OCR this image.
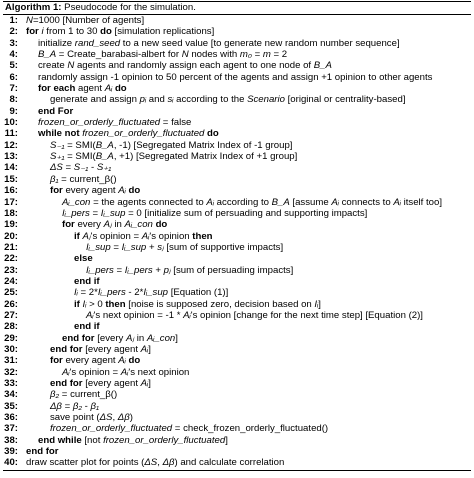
Algorithm 1: Pseudocode for the simulation.
1: N=1000 [Number of agents]
2: for i from 1 to 30 do [simulation replications]
3: initialize rand_seed to a new seed value [to generate new random number sequence]
4: B_A = Create_barabasi-albert for N nodes with m₀ = m = 2
5: create N agents and randomly assign each agent to one node of B_A
6: randomly assign -1 opinion to 50 percent of the agents and assign +1 opinion to other agents
7: for each agent Aᵢ do
8:	generate and assign pᵢ and sᵢ according to the Scenario [original or centrality-based]
9: end For
10: frozen_or_orderly_fluctuated = false
11: while not frozen_or_orderly_fluctuated do
12:	S₋₁ = SMI(B_A, -1) [Segregated Matrix Index of -1 group]
13:	S₊₁ = SMI(B_A, +1) [Segregated Matrix Index of +1 group]
14:	ΔS = S₋₁ - S₊₁
15:	β₁ = current_β()
16:	for every agent Aᵢ do
17:	Aᵢ_con = the agents connected to Aᵢ according to B_A [assume Aᵢ connects to Aᵢ itself too]
18:	Iᵢ_pers = Iᵢ_sup = 0 [initialize sum of persuading and supporting impacts]
19:	for every Aⱼ in Aᵢ_con do
20:	if Aⱼ's opinion = Aᵢ's opinion then
21:	Iᵢ_sup = Iᵢ_sup + sⱼ [sum of supportive impacts]
22:	else
23:	Iᵢ_pers = Iᵢ_pers + pⱼ [sum of persuading impacts]
24:	end if
25:	Iᵢ = 2*Iᵢ_pers - 2*Iᵢ_sup [Equation (1)]
26:	if Iᵢ > 0 then [noise is supposed zero, decision based on Iᵢ]
27:	Aᵢ's next opinion = -1 * Aᵢ's opinion [change for the next time step] [Equation (2)]
28:	end if
29:	end for [every Aⱼ in Aᵢ_con]
30:	end for [every agent Aᵢ]
31:	for every agent Aᵢ do
32:	Aᵢ's opinion = Aᵢ's next opinion
33:	end for [every agent Aᵢ]
34:	β₂ = current_β()
35:	Δβ = β₂ - β₁
36:	save point (ΔS, Δβ)
37:	frozen_or_orderly_fluctuated = check_frozen_orderly_fluctuated()
38: end while [not frozen_or_orderly_fluctuated]
39: end for
40: draw scatter plot for points (ΔS, Δβ) and calculate correlation
